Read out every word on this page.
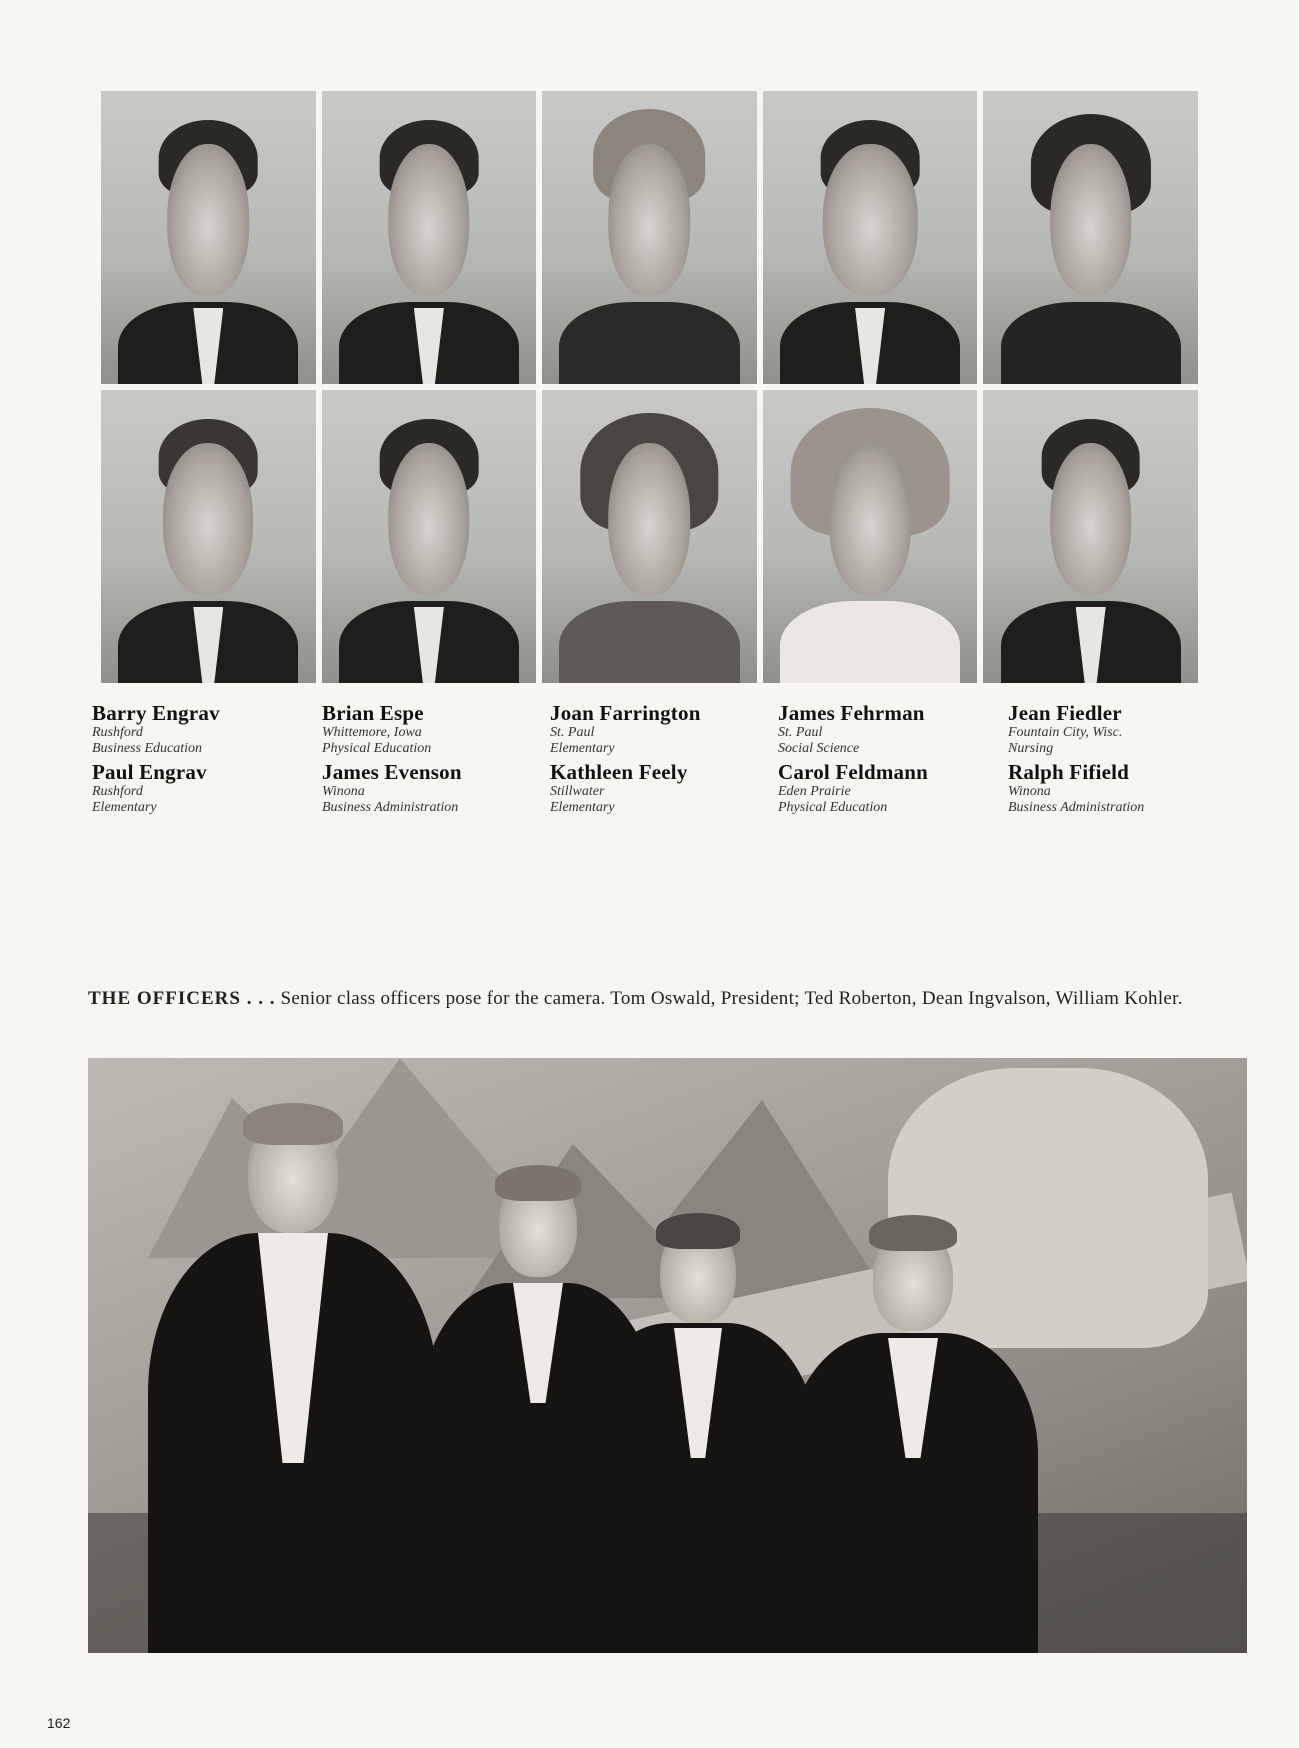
Barry Engrav
Rushford
Business Education
Paul Engrav
Rushford
Elementary
Brian Espe
Whittemore, Iowa
Physical Education
James Evenson
Winona
Business Administration
Joan Farrington
St. Paul
Elementary
Kathleen Feely
Stillwater
Elementary
James Fehrman
St. Paul
Social Science
Carol Feldmann
Eden Prairie
Physical Education
Jean Fiedler
Fountain City, Wisc.
Nursing
Ralph Fifield
Winona
Business Administration
THE OFFICERS . . . Senior class officers pose for the camera. Tom Oswald, President; Ted Roberton, Dean Ingvalson, William Kohler.
162
